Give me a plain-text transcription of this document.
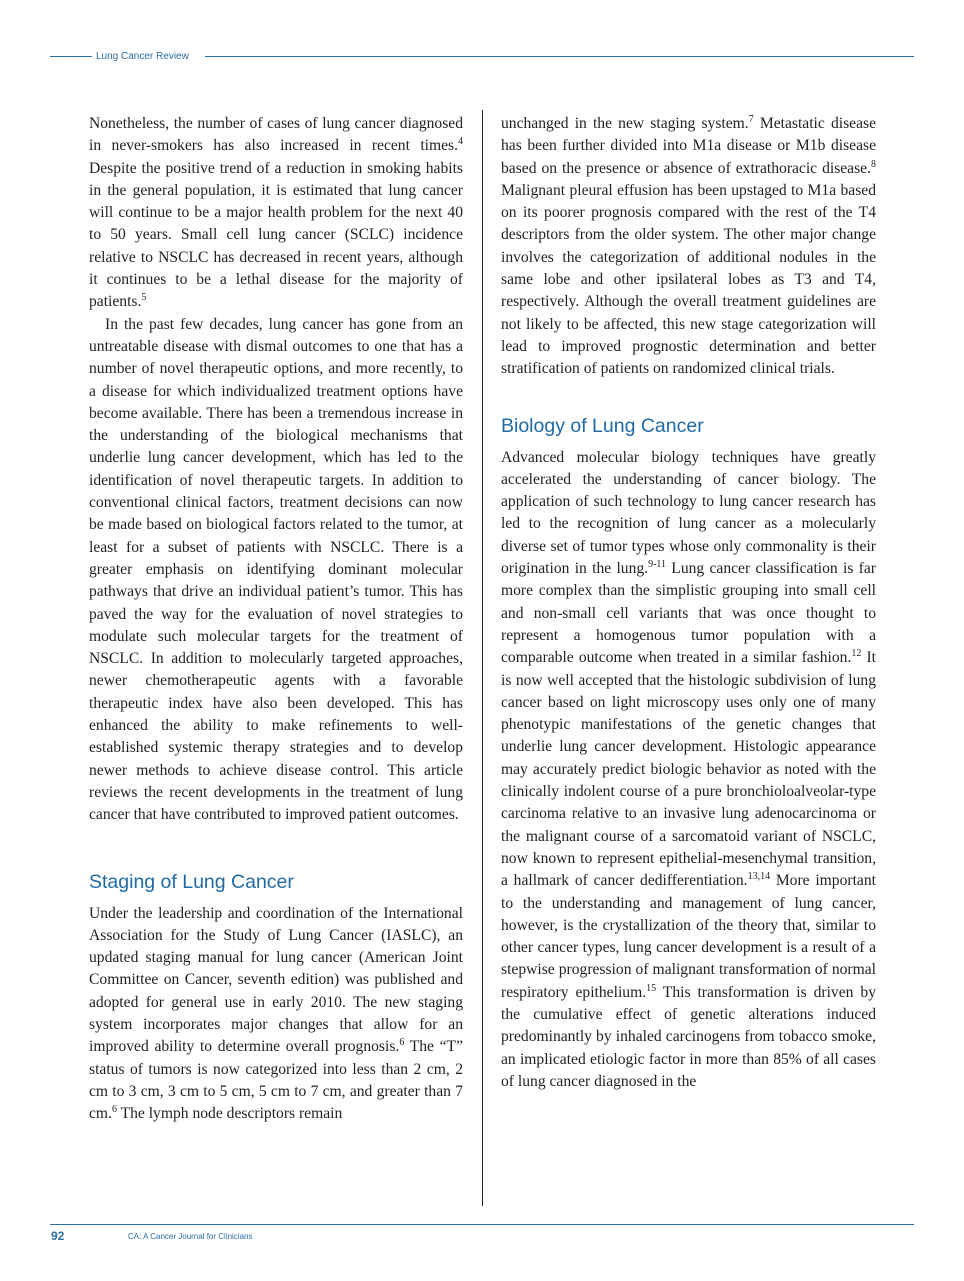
Lung Cancer Review

Nonetheless, the number of cases of lung cancer diagnosed in never-smokers has also increased in recent times.$^4$ Despite the positive trend of a reduction in smoking habits in the general population, it is estimated that lung cancer will continue to be a major health problem for the next 40 to 50 years. Small cell lung cancer (SCLC) incidence relative to NSCLC has decreased in recent years, although it continues to be a lethal disease for the majority of patients.$^5$

In the past few decades, lung cancer has gone from an untreatable disease with dismal outcomes to one that has a number of novel therapeutic options, and more recently, to a disease for which individualized treatment options have become available. There has been a tremendous increase in the understanding of the biological mechanisms that underlie lung cancer development, which has led to the identification of novel therapeutic targets. In addition to conventional clinical factors, treatment decisions can now be made based on biological factors related to the tumor, at least for a subset of patients with NSCLC. There is a greater emphasis on identifying dominant molecular pathways that drive an individual patient’s tumor. This has paved the way for the evaluation of novel strategies to modulate such molecular targets for the treatment of NSCLC. In addition to molecularly targeted approaches, newer chemotherapeutic agents with a favorable therapeutic index have also been developed. This has enhanced the ability to make refinements to well-established systemic therapy strategies and to develop newer methods to achieve disease control. This article reviews the recent developments in the treatment of lung cancer that have contributed to improved patient outcomes.

Staging of Lung Cancer

Under the leadership and coordination of the International Association for the Study of Lung Cancer (IASLC), an updated staging manual for lung cancer (American Joint Committee on Cancer, seventh edition) was published and adopted for general use in early 2010. The new staging system incorporates major changes that allow for an improved ability to determine overall prognosis.$^6$ The “T” status of tumors is now categorized into less than 2 cm, 2 cm to 3 cm, 3 cm to 5 cm, 5 cm to 7 cm, and greater than 7 cm.$^6$ The lymph node descriptors remain

unchanged in the new staging system.$^7$ Metastatic disease has been further divided into M1a disease or M1b disease based on the presence or absence of extrathoracic disease.$^8$ Malignant pleural effusion has been upstaged to M1a based on its poorer prognosis compared with the rest of the T4 descriptors from the older system. The other major change involves the categorization of additional nodules in the same lobe and other ipsilateral lobes as T3 and T4, respectively. Although the overall treatment guidelines are not likely to be affected, this new stage categorization will lead to improved prognostic determination and better stratification of patients on randomized clinical trials.

Biology of Lung Cancer

Advanced molecular biology techniques have greatly accelerated the understanding of cancer biology. The application of such technology to lung cancer research has led to the recognition of lung cancer as a molecularly diverse set of tumor types whose only commonality is their origination in the lung.$^{9-11}$ Lung cancer classification is far more complex than the simplistic grouping into small cell and non-small cell variants that was once thought to represent a homogenous tumor population with a comparable outcome when treated in a similar fashion.$^{12}$ It is now well accepted that the histologic subdivision of lung cancer based on light microscopy uses only one of many phenotypic manifestations of the genetic changes that underlie lung cancer development. Histologic appearance may accurately predict biologic behavior as noted with the clinically indolent course of a pure bronchioloalveolar-type carcinoma relative to an invasive lung adenocarcinoma or the malignant course of a sarcomatoid variant of NSCLC, now known to represent epithelial-mesenchymal transition, a hallmark of cancer dedifferentiation.$^{13,14}$ More important to the understanding and management of lung cancer, however, is the crystallization of the theory that, similar to other cancer types, lung cancer development is a result of a stepwise progression of malignant transformation of normal respiratory epithelium.$^{15}$ This transformation is driven by the cumulative effect of genetic alterations induced predominantly by inhaled carcinogens from tobacco smoke, an implicated etiologic factor in more than 85% of all cases of lung cancer diagnosed in the

92	CA: A Cancer Journal for Clinicians
